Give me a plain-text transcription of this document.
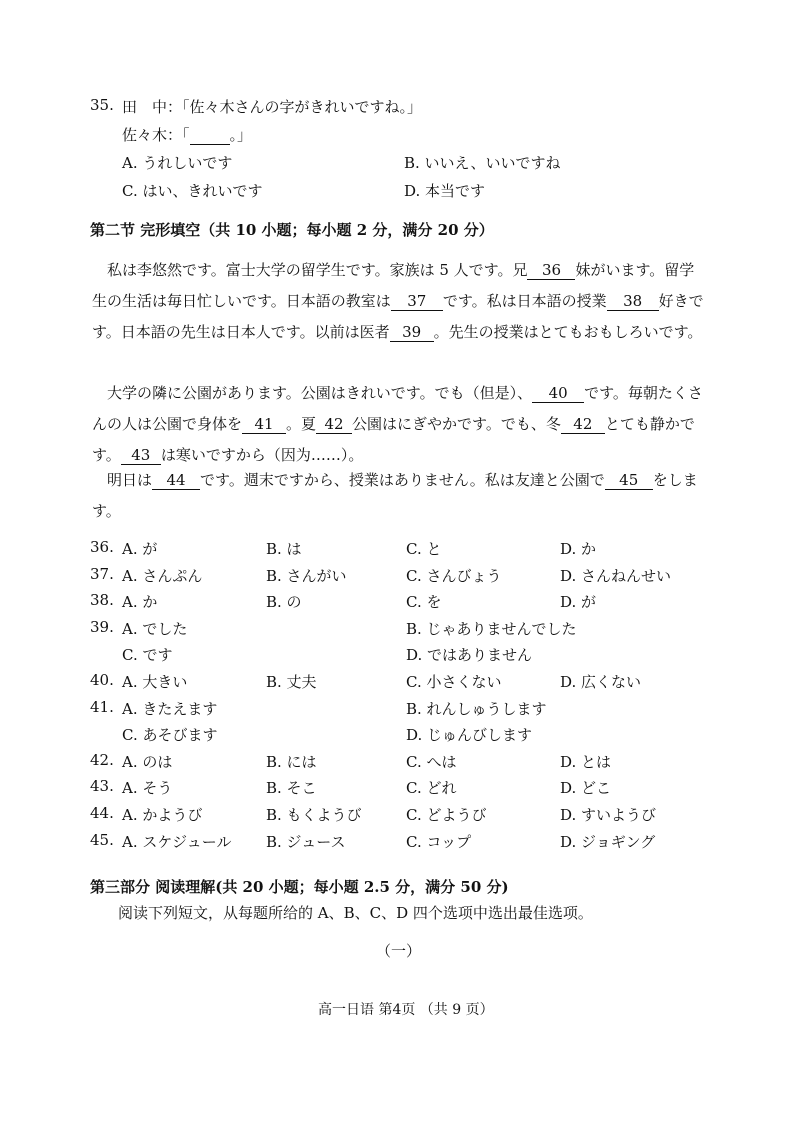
35. 田　中：「佐々木さんの字がきれいですね。」
佐々木：「	。」
A. うれしいです	B. いいえ、いいですね
C. はい、きれいです	D. 本当です
第二节 完形填空（共 10 小题；每小题 2 分，满分 20 分）
　私は李悠然です。富士大学の留学生です。家族は 5 人です。兄 36 妹がいます。留学生の生活は毎日忙しいです。日本語の教室は 37 です。私は日本語の授業 38 好きです。日本語の先生は日本人です。以前は医者 39 。先生の授業はとてもおもしろいです。
　大学の隣に公園があります。公園はきれいです。でも（但是）、 40 です。毎朝たくさんの人は公園で身体を 41 。夏 42 公園はにぎやかです。でも、冬 42 とても静かです。 43 は寒いですから（因为……）。
　明日は 44 です。週末ですから、授業はありません。私は友達と公園で 45 をします。
36. A. が	B. は	C. と	D. か
37. A. さんぷん	B. さんがい	C. さんびょう	D. さんねんせい
38. A. か	B. の	C. を	D. が
39. A. でした	B. じゃありませんでした
C. です	D. ではありません
40. A. 大きい	B. 丈夫	C. 小さくない	D. 広くない
41. A. きたえます	B. れんしゅうします
C. あそびます	D. じゅんびします
42. A. のは	B. には	C. へは	D. とは
43. A. そう	B. そこ	C. どれ	D. どこ
44. A. かようび	B. もくようび	C. どようび	D. すいようび
45. A. スケジュール B. ジュース	C. コップ	D. ジョギング
第三部分 阅读理解(共 20 小题；每小题 2.5 分，满分 50 分)
阅读下列短文，从每题所给的 A、B、C、D 四个选项中选出最佳选项。
（一）
高一日语 第4页 （共 9 页）
